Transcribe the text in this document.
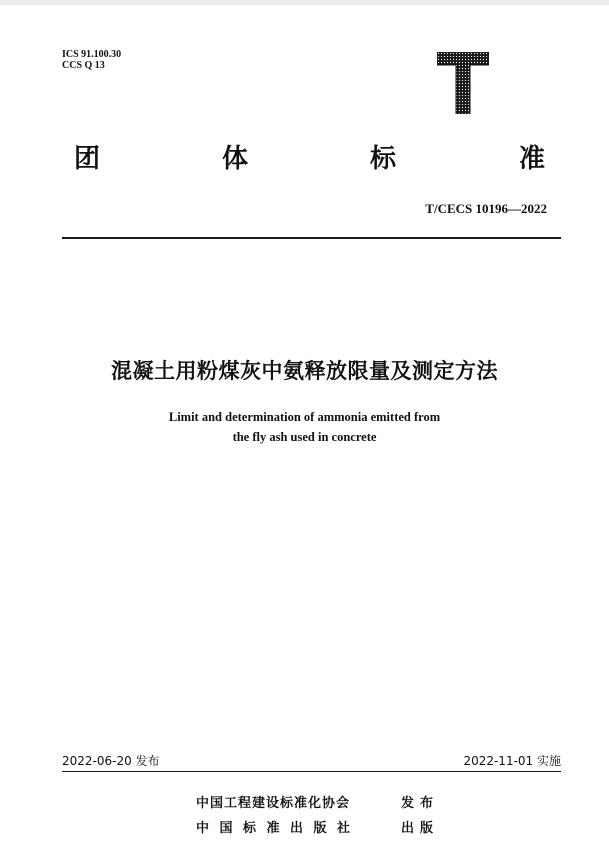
ICS 91.100.30
CCS Q 13
T
团	体	标	准
T/CECS 10196—2022
混凝土用粉煤灰中氨释放限量及测定方法
Limit and determination of ammonia emitted from
the fly ash used in concrete
2022-06-20 发布	2022-11-01 实施
中国工程建设标准化协会	发布
中国标准出版社	出版
